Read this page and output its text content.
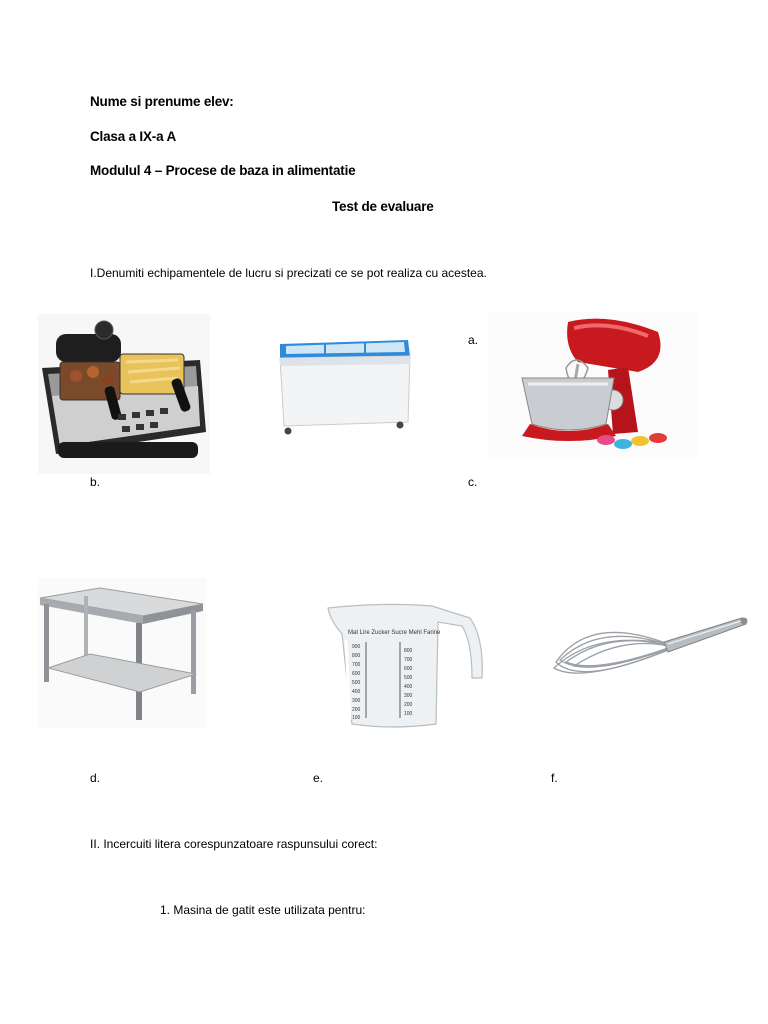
Nume si prenume elev:
Clasa a IX-a A
Modulul 4 – Procese de baza in alimentatie
Test de evaluare
I.Denumiti echipamentele de lucru si precizati ce se pot realiza cu acestea.
a.
b.	c.
Mat Lire Zucker Sucre Mehl Farine
900
800
700
600
500
400
300
200
100
800
700
600
500
400
300
200
100
d.	e.	f.
II. Incercuiti litera corespunzatoare raspunsului corect:
1. Masina de gatit este utilizata pentru:
